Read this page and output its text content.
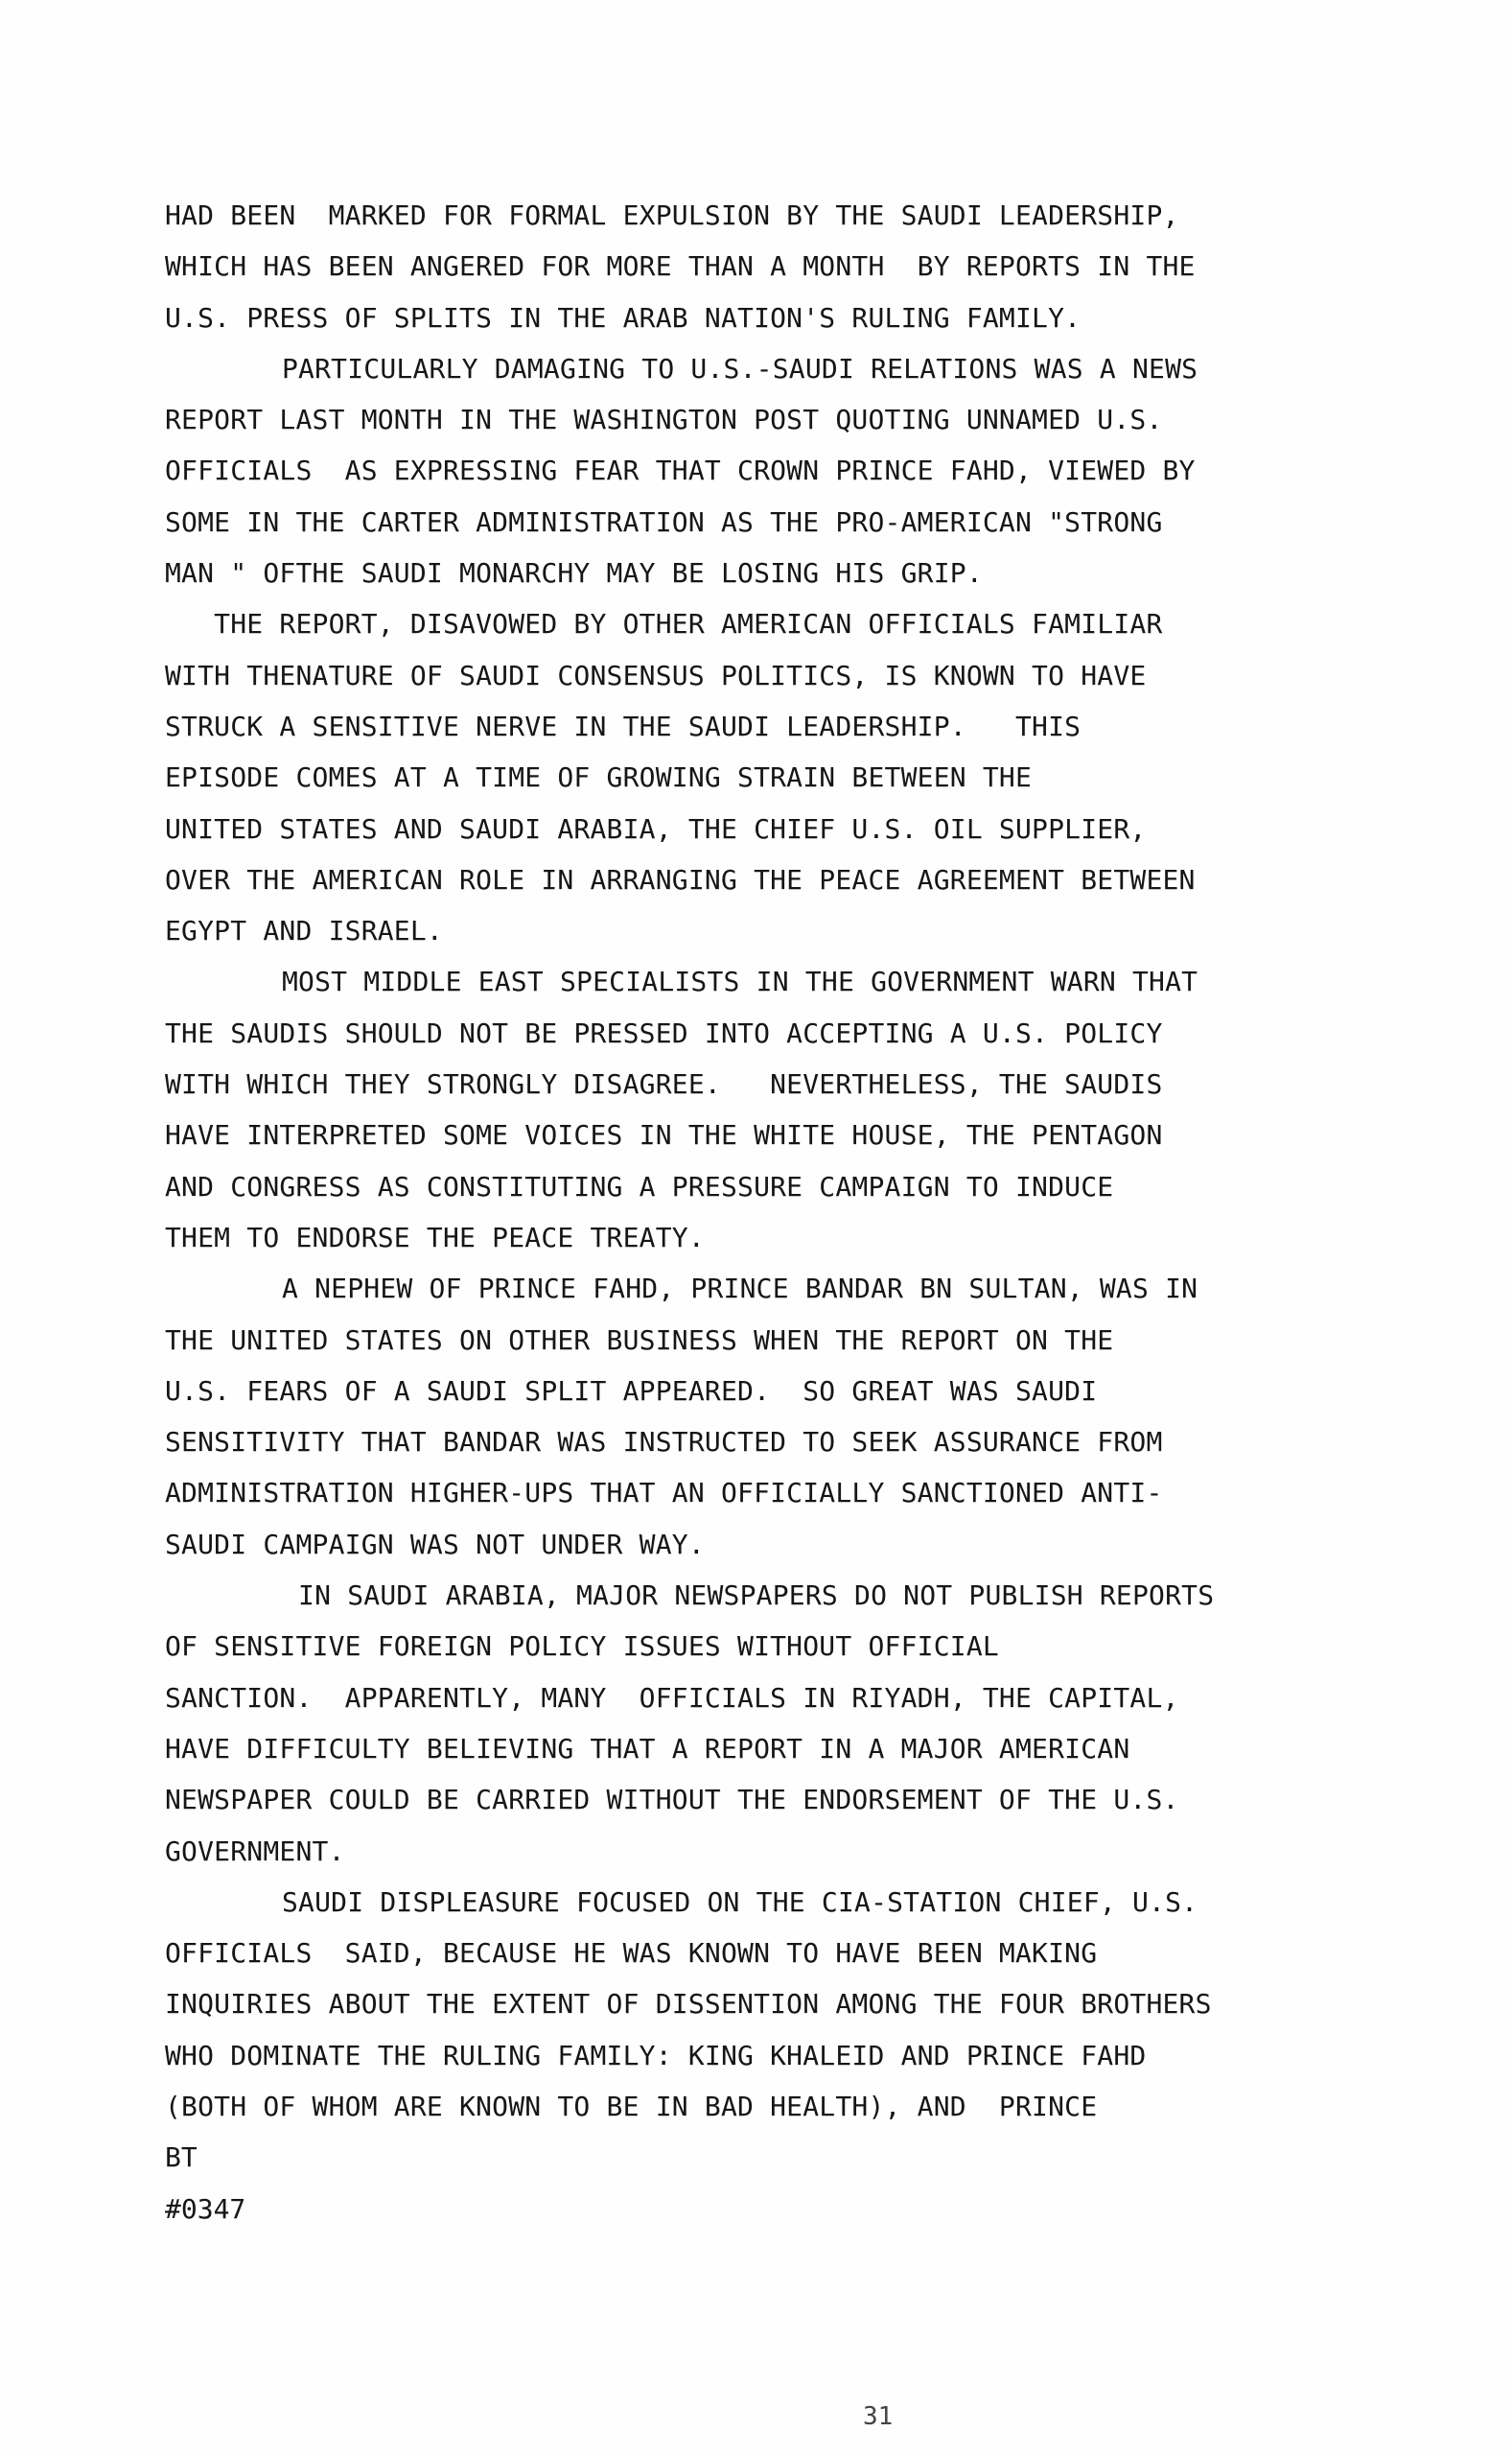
HAD BEEN  MARKED FOR FORMAL EXPULSION BY THE SAUDI LEADERSHIP,
WHICH HAS BEEN ANGERED FOR MORE THAN A MONTH  BY REPORTS IN THE
U.S. PRESS OF SPLITS IN THE ARAB NATION'S RULING FAMILY.
PARTICULARLY DAMAGING TO U.S.-SAUDI RELATIONS WAS A NEWS
REPORT LAST MONTH IN THE WASHINGTON POST QUOTING UNNAMED U.S.
OFFICIALS  AS EXPRESSING FEAR THAT CROWN PRINCE FAHD, VIEWED BY
SOME IN THE CARTER ADMINISTRATION AS THE PRO-AMERICAN "STRONG
MAN " OFTHE SAUDI MONARCHY MAY BE LOSING HIS GRIP.
THE REPORT, DISAVOWED BY OTHER AMERICAN OFFICIALS FAMILIAR
WITH THENATURE OF SAUDI CONSENSUS POLITICS, IS KNOWN TO HAVE
STRUCK A SENSITIVE NERVE IN THE SAUDI LEADERSHIP.   THIS
EPISODE COMES AT A TIME OF GROWING STRAIN BETWEEN THE
UNITED STATES AND SAUDI ARABIA, THE CHIEF U.S. OIL SUPPLIER,
OVER THE AMERICAN ROLE IN ARRANGING THE PEACE AGREEMENT BETWEEN
EGYPT AND ISRAEL.
MOST MIDDLE EAST SPECIALISTS IN THE GOVERNMENT WARN THAT
THE SAUDIS SHOULD NOT BE PRESSED INTO ACCEPTING A U.S. POLICY
WITH WHICH THEY STRONGLY DISAGREE.   NEVERTHELESS, THE SAUDIS
HAVE INTERPRETED SOME VOICES IN THE WHITE HOUSE, THE PENTAGON
AND CONGRESS AS CONSTITUTING A PRESSURE CAMPAIGN TO INDUCE
THEM TO ENDORSE THE PEACE TREATY.
A NEPHEW OF PRINCE FAHD, PRINCE BANDAR BN SULTAN, WAS IN
THE UNITED STATES ON OTHER BUSINESS WHEN THE REPORT ON THE
U.S. FEARS OF A SAUDI SPLIT APPEARED.  SO GREAT WAS SAUDI
SENSITIVITY THAT BANDAR WAS INSTRUCTED TO SEEK ASSURANCE FROM
ADMINISTRATION HIGHER-UPS THAT AN OFFICIALLY SANCTIONED ANTI-
SAUDI CAMPAIGN WAS NOT UNDER WAY.
IN SAUDI ARABIA, MAJOR NEWSPAPERS DO NOT PUBLISH REPORTS
OF SENSITIVE FOREIGN POLICY ISSUES WITHOUT OFFICIAL
SANCTION.  APPARENTLY, MANY  OFFICIALS IN RIYADH, THE CAPITAL,
HAVE DIFFICULTY BELIEVING THAT A REPORT IN A MAJOR AMERICAN
NEWSPAPER COULD BE CARRIED WITHOUT THE ENDORSEMENT OF THE U.S.
GOVERNMENT.
SAUDI DISPLEASURE FOCUSED ON THE CIA-STATION CHIEF, U.S.
OFFICIALS  SAID, BECAUSE HE WAS KNOWN TO HAVE BEEN MAKING
INQUIRIES ABOUT THE EXTENT OF DISSENTION AMONG THE FOUR BROTHERS
WHO DOMINATE THE RULING FAMILY: KING KHALEID AND PRINCE FAHD
(BOTH OF WHOM ARE KNOWN TO BE IN BAD HEALTH), AND  PRINCE
BT
#0347
31
